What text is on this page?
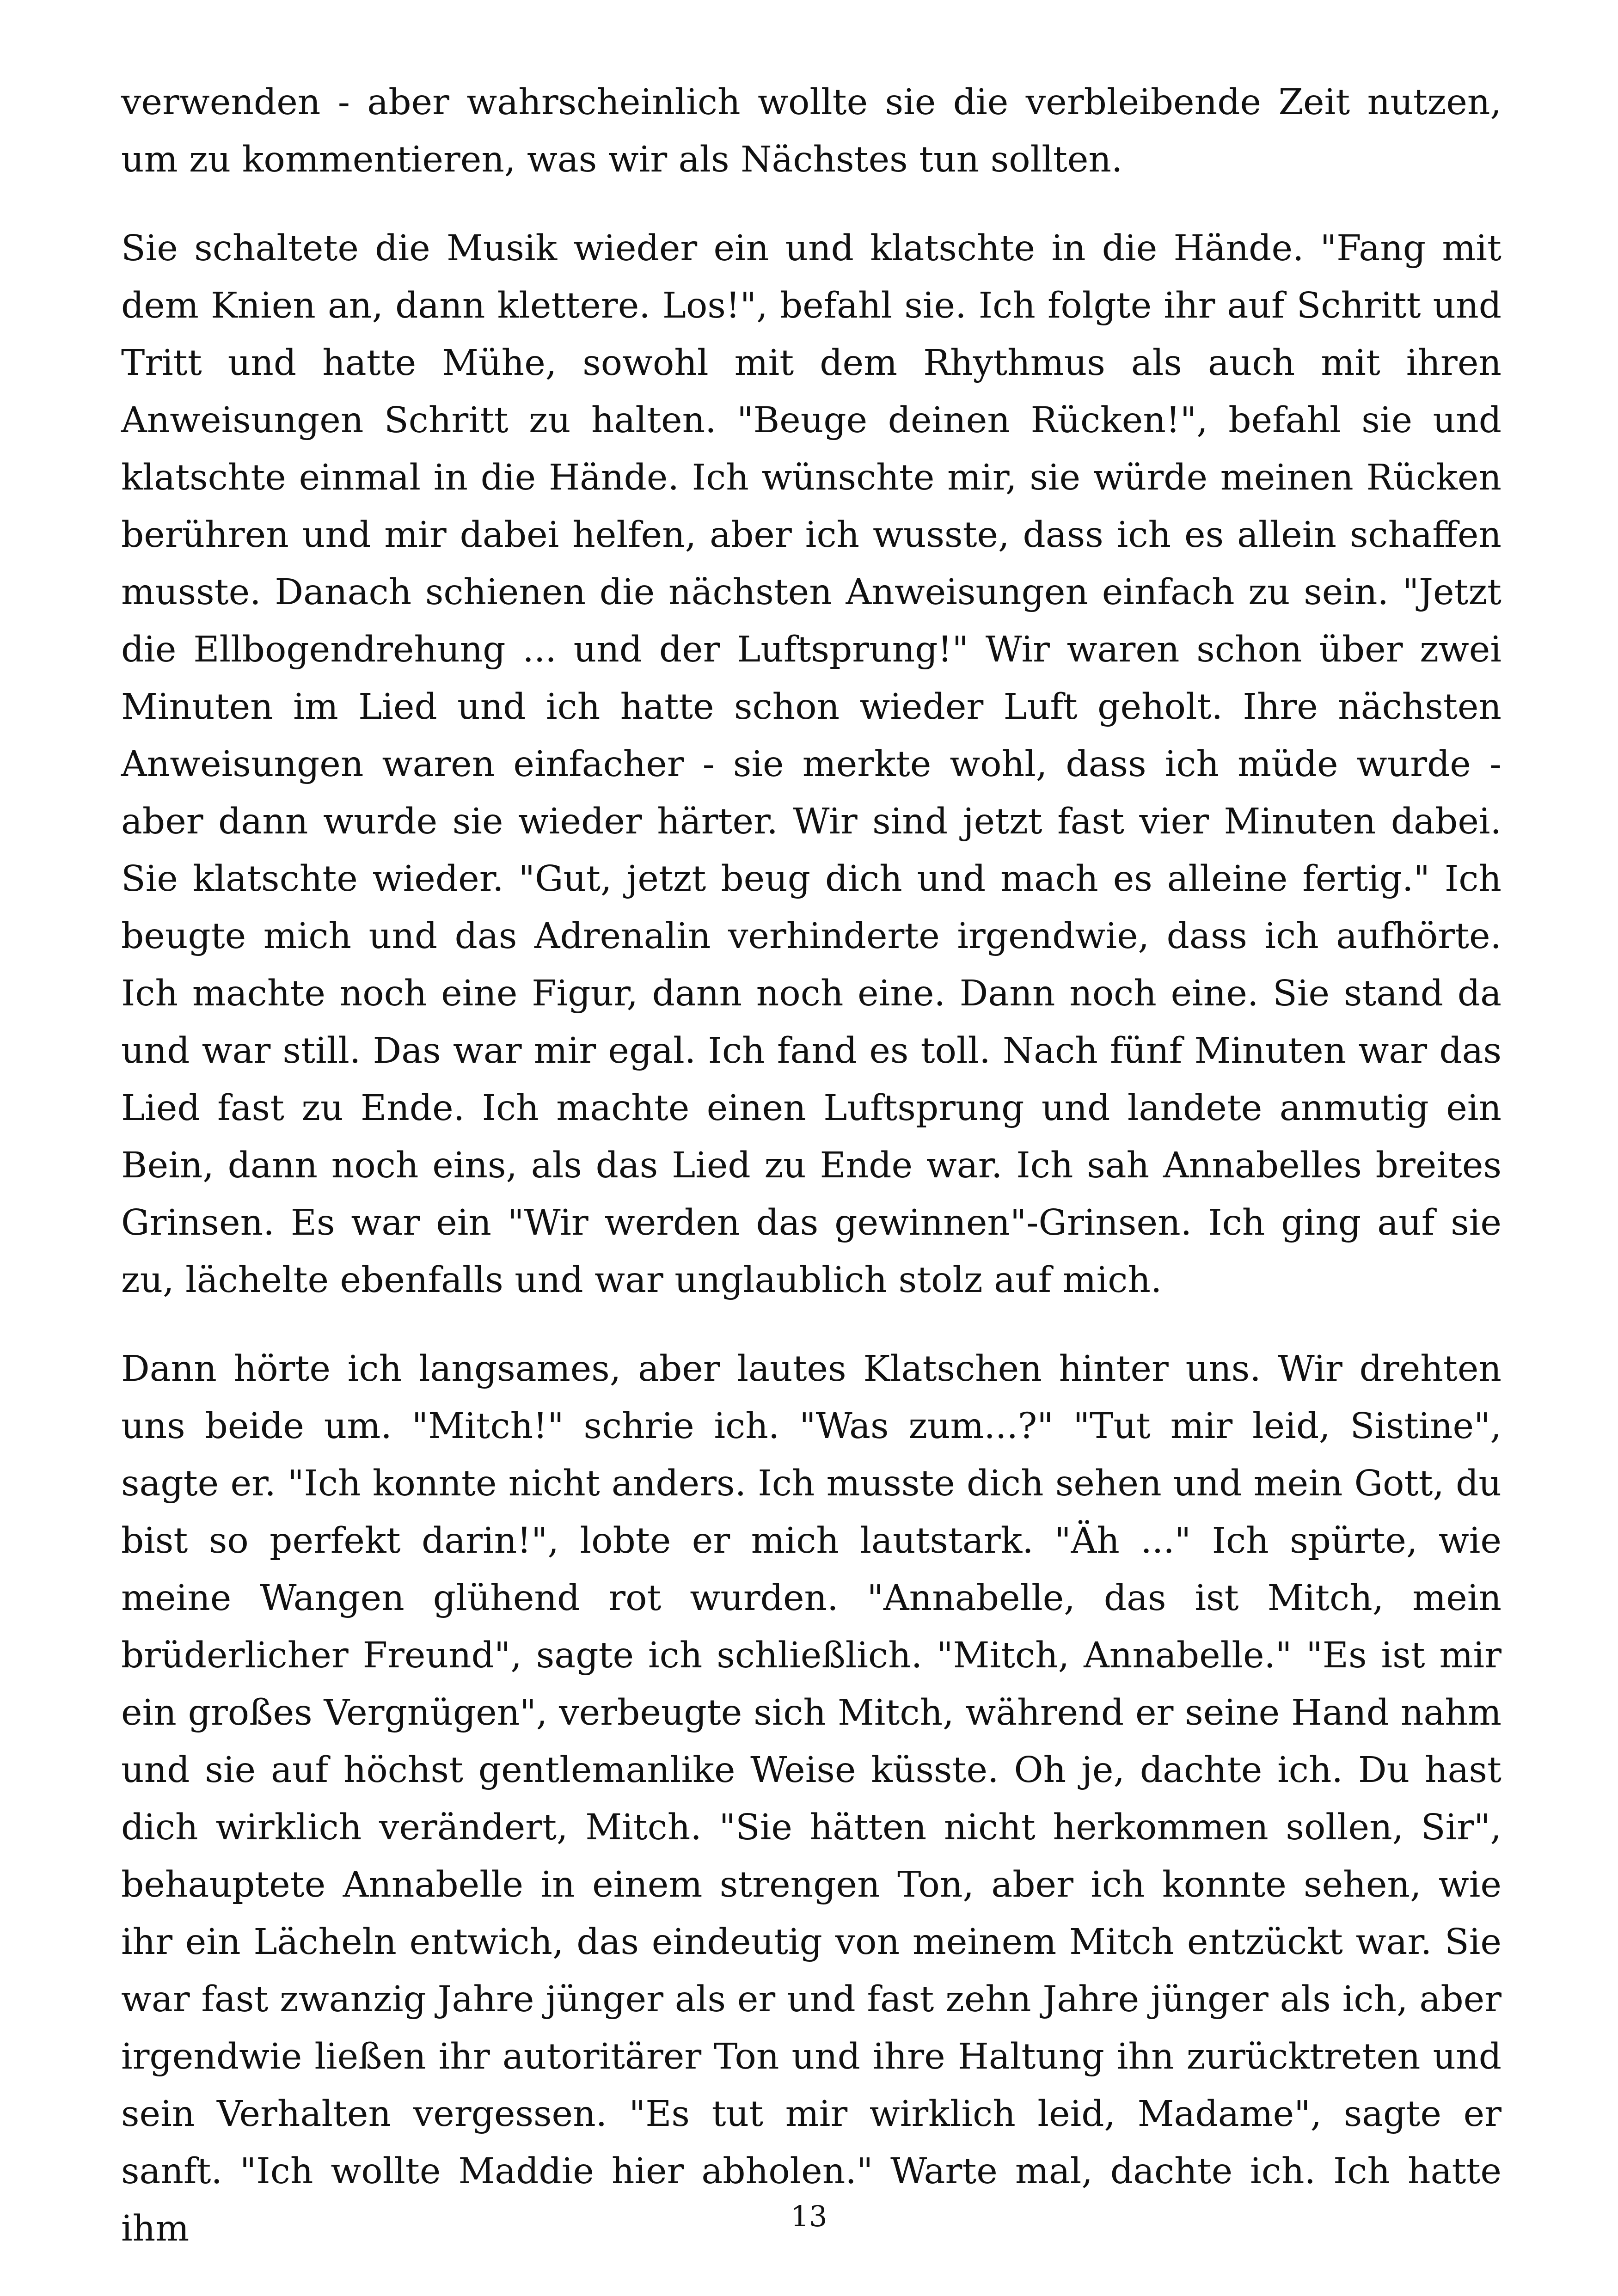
verwenden - aber wahrscheinlich wollte sie die verbleibende Zeit nutzen, um zu kommentieren, was wir als Nächstes tun sollten.

Sie schaltete die Musik wieder ein und klatschte in die Hände. "Fang mit dem Knien an, dann klettere. Los!", befahl sie. Ich folgte ihr auf Schritt und Tritt und hatte Mühe, sowohl mit dem Rhythmus als auch mit ihren Anweisungen Schritt zu halten. "Beuge deinen Rücken!", befahl sie und klatschte einmal in die Hände. Ich wünschte mir, sie würde meinen Rücken berühren und mir dabei helfen, aber ich wusste, dass ich es allein schaffen musste. Danach schienen die nächsten Anweisungen einfach zu sein. "Jetzt die Ellbogendrehung ... und der Luftsprung!" Wir waren schon über zwei Minuten im Lied und ich hatte schon wieder Luft geholt. Ihre nächsten Anweisungen waren einfacher - sie merkte wohl, dass ich müde wurde - aber dann wurde sie wieder härter. Wir sind jetzt fast vier Minuten dabei. Sie klatschte wieder. "Gut, jetzt beug dich und mach es alleine fertig." Ich beugte mich und das Adrenalin verhinderte irgendwie, dass ich aufhörte. Ich machte noch eine Figur, dann noch eine. Dann noch eine. Sie stand da und war still. Das war mir egal. Ich fand es toll. Nach fünf Minuten war das Lied fast zu Ende. Ich machte einen Luftsprung und landete anmutig ein Bein, dann noch eins, als das Lied zu Ende war. Ich sah Annabelles breites Grinsen. Es war ein "Wir werden das gewinnen"-Grinsen. Ich ging auf sie zu, lächelte ebenfalls und war unglaublich stolz auf mich.

Dann hörte ich langsames, aber lautes Klatschen hinter uns. Wir drehten uns beide um. "Mitch!" schrie ich. "Was zum...?" "Tut mir leid, Sistine", sagte er. "Ich konnte nicht anders. Ich musste dich sehen und mein Gott, du bist so perfekt darin!", lobte er mich lautstark. "Äh ..." Ich spürte, wie meine Wangen glühend rot wurden. "Annabelle, das ist Mitch, mein brüderlicher Freund", sagte ich schließlich. "Mitch, Annabelle." "Es ist mir ein großes Vergnügen", verbeugte sich Mitch, während er seine Hand nahm und sie auf höchst gentlemanlike Weise küsste. Oh je, dachte ich. Du hast dich wirklich verändert, Mitch. "Sie hätten nicht herkommen sollen, Sir", behauptete Annabelle in einem strengen Ton, aber ich konnte sehen, wie ihr ein Lächeln entwich, das eindeutig von meinem Mitch entzückt war. Sie war fast zwanzig Jahre jünger als er und fast zehn Jahre jünger als ich, aber irgendwie ließen ihr autoritärer Ton und ihre Haltung ihn zurücktreten und sein Verhalten vergessen. "Es tut mir wirklich leid, Madame", sagte er sanft. "Ich wollte Maddie hier abholen." Warte mal, dachte ich. Ich hatte ihm	13
